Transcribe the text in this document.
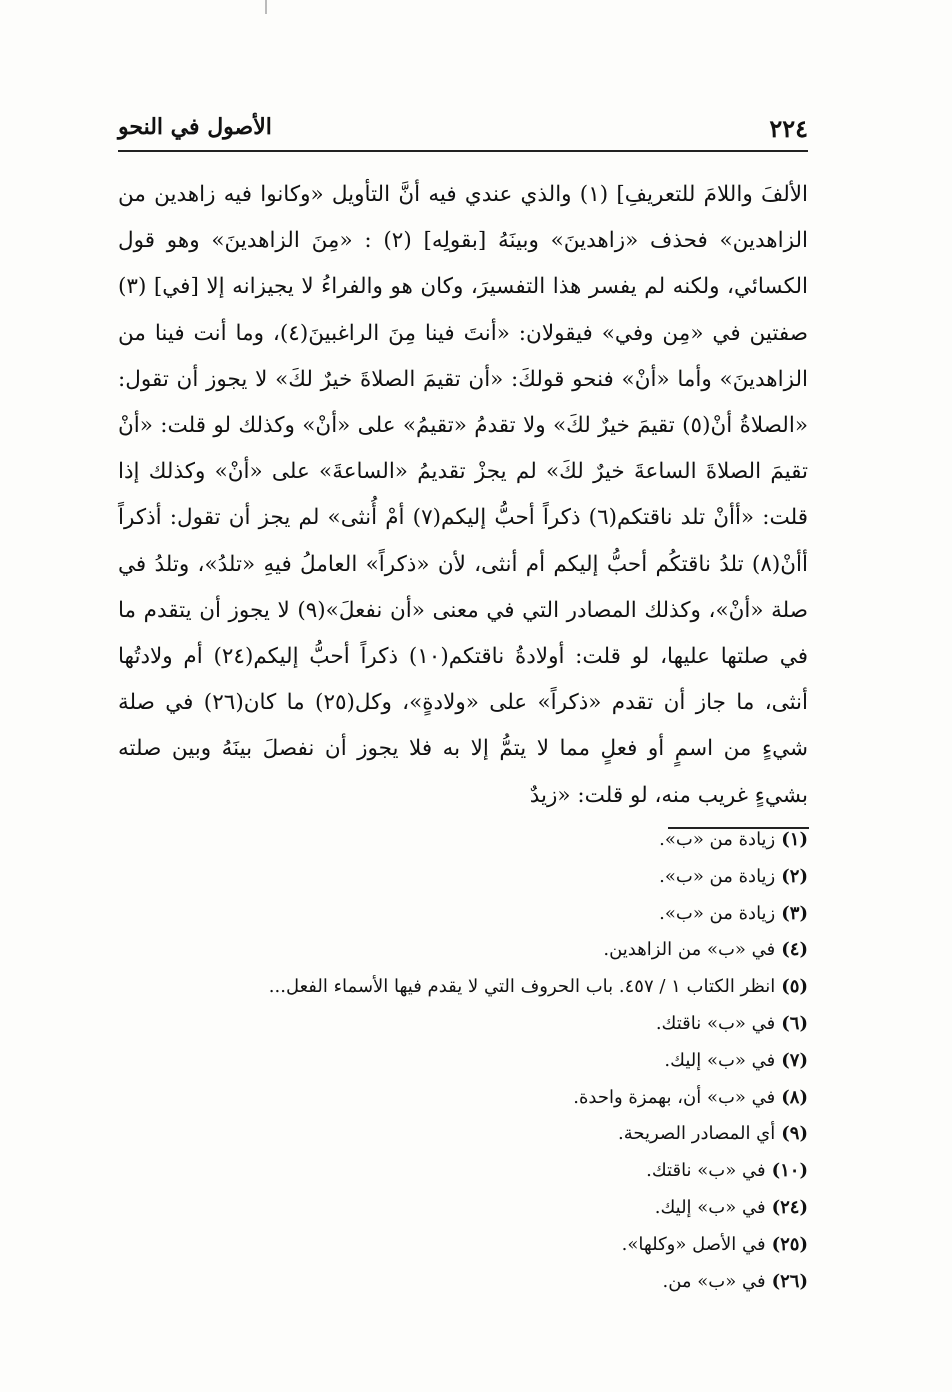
٢٢٤
الأصول في النحو

الألفَ واللامَ للتعريفِ] (١) والذي عندي فيه أنَّ التأويل «وكانوا فيه زاهدين من الزاهدين» فحذف «زاهدينَ» وبينَهُ [بقولِه] (٢) : «مِنَ الزاهدينَ» وهو قول الكسائي، ولكنه لم يفسر هذا التفسيرَ، وكان هو والفراءُ لا يجيزانه إلا [في] (٣) صفتين في «مِن وفي» فيقولان: «أنتَ فينا مِنَ الراغبينَ(٤)، وما أنت فينا من الزاهدينَ» وأما «أنْ» فنحو قولكَ: «أن تقيمَ الصلاةَ خيرٌ لكَ» لا يجوز أن تقول: «الصلاةُ أنْ(٥) تقيمَ خيرٌ لكَ» ولا تقدمُ «تقيمُ» على «أنْ» وكذلك لو قلت: «أنْ تقيمَ الصلاةَ الساعةَ خيرٌ لكَ» لم يجزْ تقديمُ «الساعةَ» على «أنْ» وكذلك إذا قلت: «أأنْ تلد ناقتكم(٦) ذكراً أحبُّ إليكم(٧) أمْ أُنثى» لم يجز أن تقول: أذكراً أأنْ(٨) تلدُ ناقتكُم أحبُّ إليكم أم أنثى، لأن «ذكراً» العاملُ فيهِ «تلدُ»، وتلدُ في صلة «أنْ»، وكذلك المصادر التي في معنى «أن نفعلَ»(٩) لا يجوز أن يتقدم ما في صلتها عليها، لو قلت: أولادةُ ناقتكم(١٠) ذكراً أحبُّ إليكم(٢٤) أم ولادتُها أنثى، ما جاز أن تقدم «ذكراً» على «ولادةٍ»، وكل(٢٥) ما كان(٢٦) في صلة شيءٍ من اسمٍ أو فعلٍ مما لا يتمُّ إلا به فلا يجوز أن نفصلَ بينَهُ وبين صلته بشيءٍ غريب منه، لو قلت: «زيدٌ

(١)زيادة من «ب».
(٢)زيادة من «ب».
(٣)زيادة من «ب».
(٤)في «ب» من الزاهدين.
(٥)انظر الكتاب ١ / ٤٥٧. باب الحروف التي لا يقدم فيها الأسماء الفعل...
(٦)في «ب» ناقتك.
(٧)في «ب» إليك.
(٨)في «ب» أن، بهمزة واحدة.
(٩)أي المصادر الصريحة.
(١٠)في «ب» ناقتك.
(٢٤)في «ب» إليك.
(٢٥)في الأصل «وكلها».
(٢٦)في «ب» من.
